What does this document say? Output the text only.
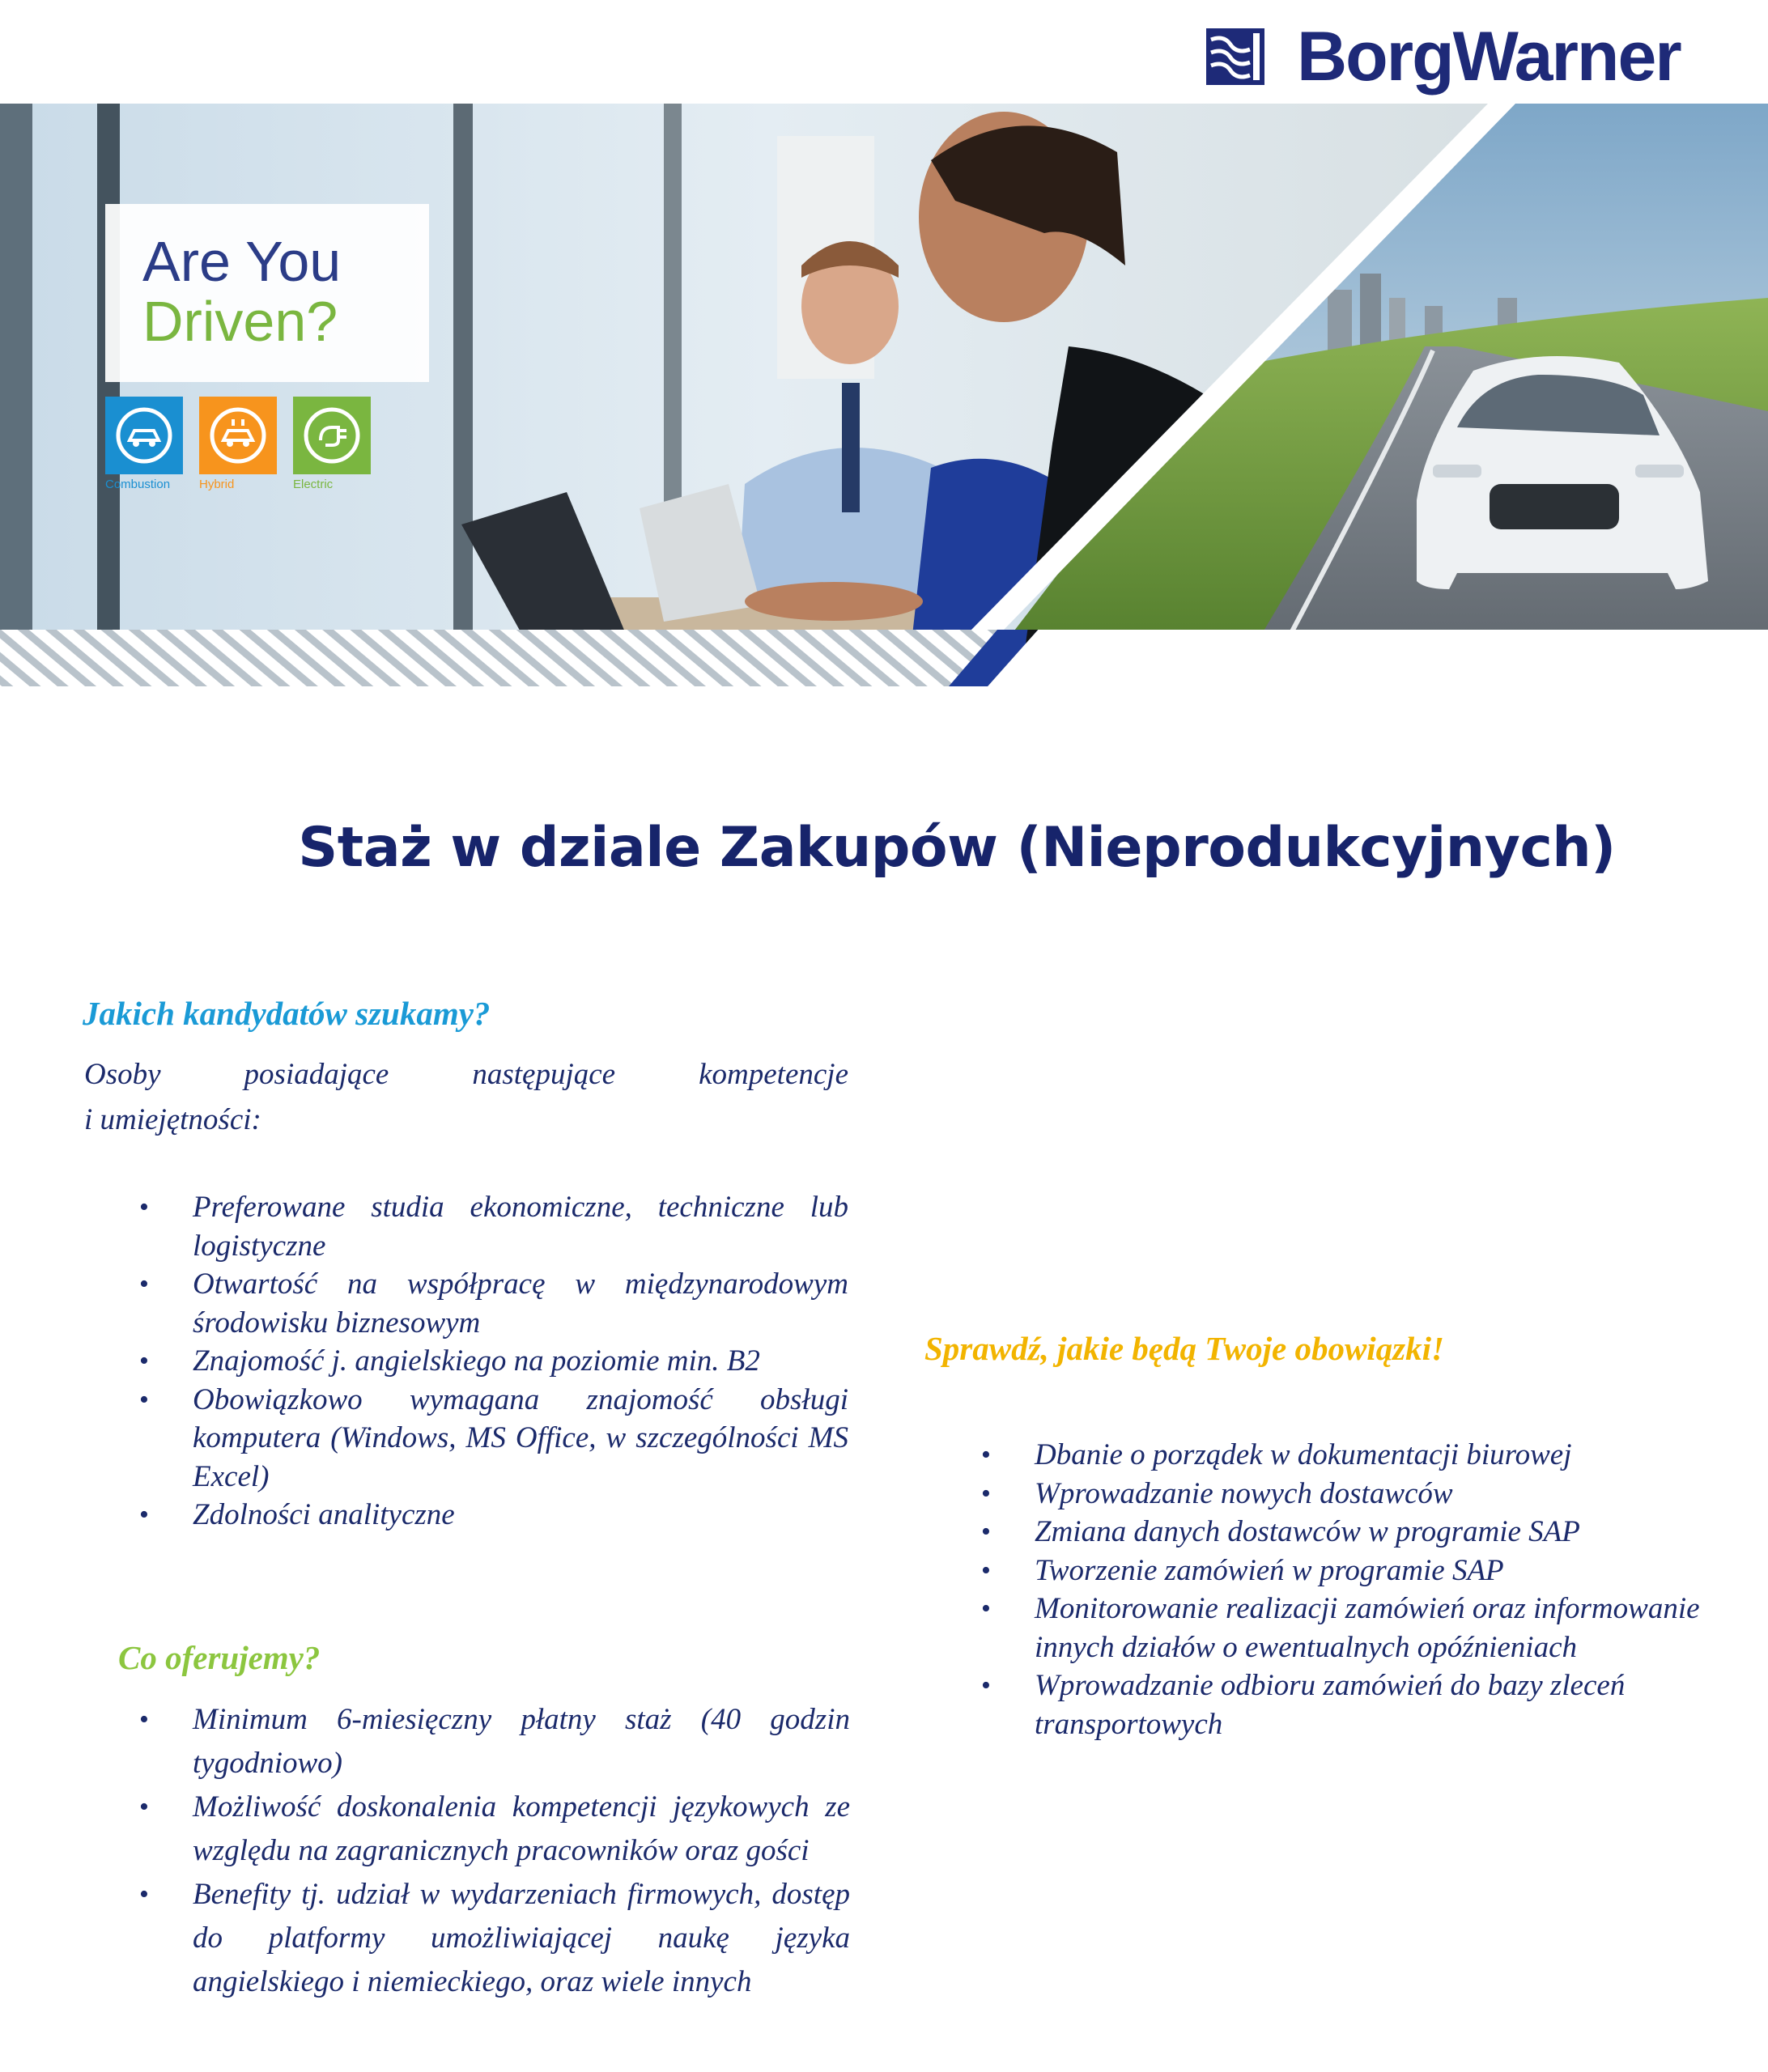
BorgWarner
Are You
Driven?
Combustion Hybrid	Electric
Staż w dziale Zakupów (Nieprodukcyjnych)
Jakich kandydatów szukamy?
Osoby posiadające następujące kompetencje
i umiejętności:
• Preferowane studia ekonomiczne, techniczne lub logistyczne
• Otwartość na współpracę w międzynarodowym środowisku biznesowym
• Znajomość j. angielskiego na poziomie min. B2
• Obowiązkowo wymagana znajomość obsługi komputera (Windows, MS Office, w szczególności MS Excel)
• Zdolności analityczne
Co oferujemy?
• Minimum 6-miesięczny płatny staż (40 godzin tygodniowo)
• Możliwość doskonalenia kompetencji językowych ze względu na zagranicznych pracowników oraz gości
• Benefity tj. udział w wydarzeniach firmowych, dostęp do platformy umożliwiającej naukę języka angielskiego i niemieckiego, oraz wiele innych
Sprawdź, jakie będą Twoje obowiązki!
• Dbanie o porządek w dokumentacji biurowej
• Wprowadzanie nowych dostawców
• Zmiana danych dostawców w programie SAP
• Tworzenie zamówień w programie SAP
• Monitorowanie realizacji zamówień oraz informowanie innych działów o ewentualnych opóźnieniach
• Wprowadzanie odbioru zamówień do bazy zleceń transportowych
